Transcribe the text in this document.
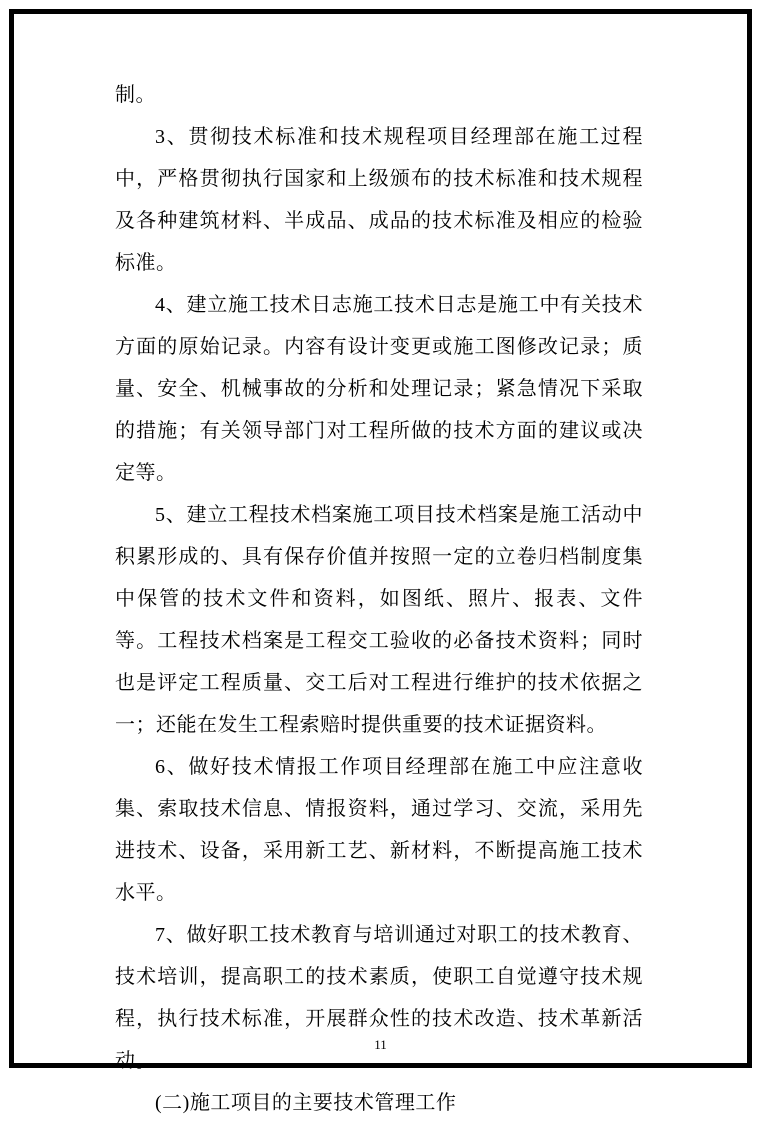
制。

3、贯彻技术标准和技术规程项目经理部在施工过程中，严格贯彻执行国家和上级颁布的技术标准和技术规程及各种建筑材料、半成品、成品的技术标准及相应的检验标准。

4、建立施工技术日志施工技术日志是施工中有关技术方面的原始记录。内容有设计变更或施工图修改记录；质量、安全、机械事故的分析和处理记录；紧急情况下采取的措施；有关领导部门对工程所做的技术方面的建议或决定等。

5、建立工程技术档案施工项目技术档案是施工活动中积累形成的、具有保存价值并按照一定的立卷归档制度集中保管的技术文件和资料，如图纸、照片、报表、文件等。工程技术档案是工程交工验收的必备技术资料；同时也是评定工程质量、交工后对工程进行维护的技术依据之一；还能在发生工程索赔时提供重要的技术证据资料。

6、做好技术情报工作项目经理部在施工中应注意收集、索取技术信息、情报资料，通过学习、交流，采用先进技术、设备，采用新工艺、新材料，不断提高施工技术水平。

7、做好职工技术教育与培训通过对职工的技术教育、技术培训，提高职工的技术素质，使职工自觉遵守技术规程，执行技术标准，开展群众性的技术改造、技术革新活动。

(二)施工项目的主要技术管理工作

11
